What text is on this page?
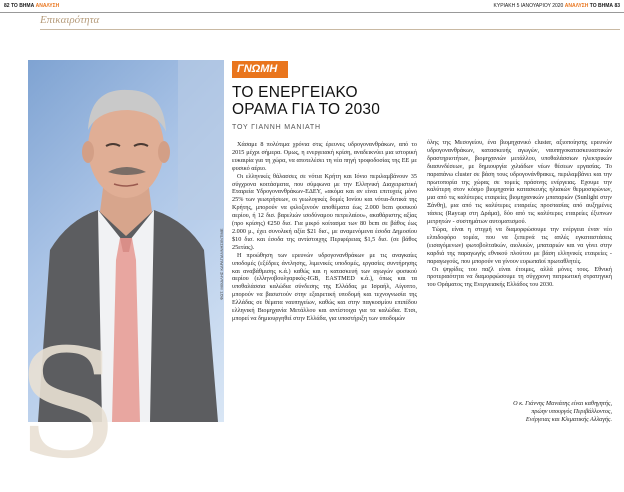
82 ΤΟ ΒΗΜΑ ΑΝΑΛΥΣΗ	ΚΥΡΙΑΚΗ 5 ΙΑΝΟΥΑΡΙΟΥ 2020 ΑΝΑΛΥΣΗ ΤΟ ΒΗΜΑ 83
Επικαιρότητα
S
ΦΩΤ. ΜΙΧΑΛΗΣ ΚΑΡΑΓΙΑΝΝΗΣ/INTIME
ΓΝΩΜΗ
ΤΟ ΕΝΕΡΓΕΙΑΚΟ
ΟΡΑΜΑ ΓΙΑ ΤΟ 2030
ΤΟΥ ΓΙΑΝΝΗ ΜΑΝΙΑΤΗ

Χάσαμε 8 πολύτιμα χρόνια στις έρευνες υδρογονανθράκων, από το 2015 μέχρι σήμερα. Ομως, η ενεργειακή κρίση, αναδεικνύει μια ιστορική ευκαιρία για τη χώρα, να αποτελέσει τη νέα πηγή τροφοδοσίας της ΕΕ με φυσικό αέριο.

Οι ελληνικές θάλασσες σε νότια Κρήτη και Ιόνιο περιλαμβάνουν 35 σύγχρονα κοιτάσματα, που σύμφωνα με την Ελληνική Διαχειριστική Εταιρεία Υδρογονανθράκων-ΕΔΕΥ, «ακόμα και αν είναι επιτυχείς μόνο 25% των γεωτρήσεων, οι γεωλογικές δομές Ιονίου και νότια-δυτικά της Κρήτης, μπορούν να φιλοξενούν αποθέματα έως 2.000 bcm φυσικού αερίου, ή 12 δισ. βαρελιών ισοδύναμου πετρελαίου», ακαθάριστης αξίας (προ κρίσης) €250 δισ. Για μικρό κοίτασμα των 80 bcm σε βάθος έως 2.000 μ., έχει συνολική αξία $21 δισ., με αναμενόμενα έσοδα Δημοσίου $10 δισ. και έσοδα της αντίστοιχης Περιφέρειας $1,5 δισ. (σε βάθος 25ετίας).

Η προώθηση των ερευνών υδρογονανθράκων με τις αναγκαίες υποδομές (εξέδρες άντλησης, λιμενικές υποδομές, εργασίες συντήρησης και αναβάθμισης κ.ά.) καθώς και η κατασκευή των αγωγών φυσικού αερίου (ελληνοβουλγαρικός-IGB, EASTMED κ.ά.), όπως και τα υποθαλάσσια καλώδια σύνδεσης της Ελλάδας με Ισραήλ, Αίγυπτο, μπορούν να βασιστούν στην εξαιρετική υποδομή και τεχνογνωσία της Ελλάδας σε θέματα ναυπηγείων, καθώς και στην παγκοσμίου επιπέδου ελληνική Βιομηχανία Μετάλλου και αντίστοιχα για τα καλώδια. Ετσι, μπορεί να δημιουργηθεί στην Ελλάδα, για υποστήριξη των υποδομών

όλης της Μεσογείου, ένα βιομηχανικό cluster, αξιοποίησης ερευνών υδρογονανθράκων, κατασκευής αγωγών, ναυπηγοκατασκευαστικών δραστηριοτήτων, βιομηχανιών μετάλλου, υποθαλάσσιων ηλεκτρικών διασυνδέσεων, με δημιουργία χιλιάδων νέων θέσεων εργασίας. Το παραπάνω cluster σε βάση τους υδρογονάνθρακες, περιλαμβάνει και την πρωτοπορία της χώρας σε τομείς πράσινης ενέργειας. Εχουμε την καλύτερη στον κόσμο βιομηχανία κατασκευής ηλιακών θερμοσιφώνων, μια από τις καλύτερες εταιρείες βιομηχανικών μπαταριών (Sunlight στην Ξάνθη), μια από τις καλύτερες εταιρείες προστασίας από αυξημένες τάσεις (Raycap στη Δράμα), δύο από τις καλύτερες εταιρείες έξυπνων μετρητών - συστημάτων αυτοματισμού.

Τώρα, είναι η στιγμή να διαμορφώσουμε την ενέργεια έναν νέο ελπιδοφόρο τομέα, που να ξεπερνά τις απλές εγκαταστάσεις (εισαγόμενων) φωτοβολταϊκών, αιολικών, μπαταριών και να γίνει στην καρδιά της παραγωγής εθνικού πλούτου με βάση ελληνικές εταιρείες - παραγωγούς, που μπορούν να γίνουν ευρωπαϊοί πρωταθλητές.

Οι ψηφίδες του παζλ είναι έτοιμες, αλλά μόνες τους. Εθνική προτεραιότητα να διαμορφώσουμε τη σύγχρονη πατριωτική στρατηγική του Οράματος της Ενεργειακής Ελλάδος του 2030.

Ο κ. Γιάννης Μανιάτης είναι καθηγητής,
πρώην υπουργός Περιβάλλοντος,
Ενέργειας και Κλιματικής Αλλαγής.
